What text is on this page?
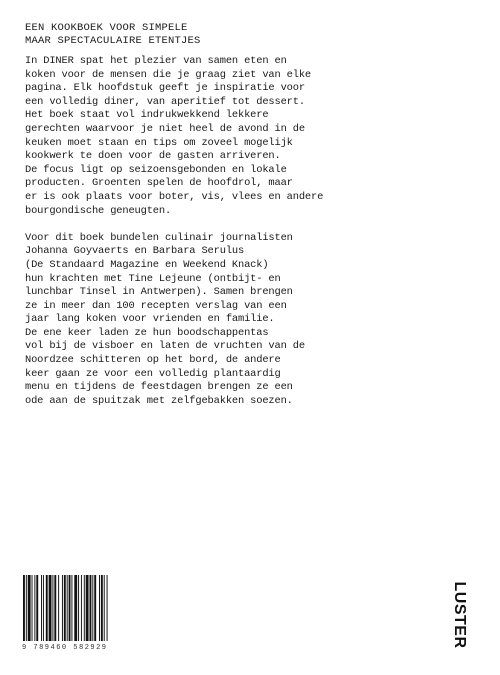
EEN KOOKBOEK VOOR SIMPELE
MAAR SPECTACULAIRE ETENTJES

In DINER spat het plezier van samen eten en
koken voor de mensen die je graag ziet van elke
pagina. Elk hoofdstuk geeft je inspiratie voor
een volledig diner, van aperitief tot dessert.
Het boek staat vol indrukwekkend lekkere
gerechten waarvoor je niet heel de avond in de
keuken moet staan en tips om zoveel mogelijk
kookwerk te doen voor de gasten arriveren.
De focus ligt op seizoensgebonden en lokale
producten. Groenten spelen de hoofdrol, maar
er is ook plaats voor boter, vis, vlees en andere
bourgondische geneugten.

Voor dit boek bundelen culinair journalisten
Johanna Goyvaerts en Barbara Serulus
(De Standaard Magazine en Weekend Knack)
hun krachten met Tine Lejeune (ontbijt- en
lunchbar Tinsel in Antwerpen). Samen brengen
ze in meer dan 100 recepten verslag van een
jaar lang koken voor vrienden en familie.
De ene keer laden ze hun boodschappentas
vol bij de visboer en laten de vruchten van de
Noordzee schitteren op het bord, de andere
keer gaan ze voor een volledig plantaardig
menu en tijdens de feestdagen brengen ze een
ode aan de spuitzak met zelfgebakken soezen.

9 789460 582929	LUSTER
